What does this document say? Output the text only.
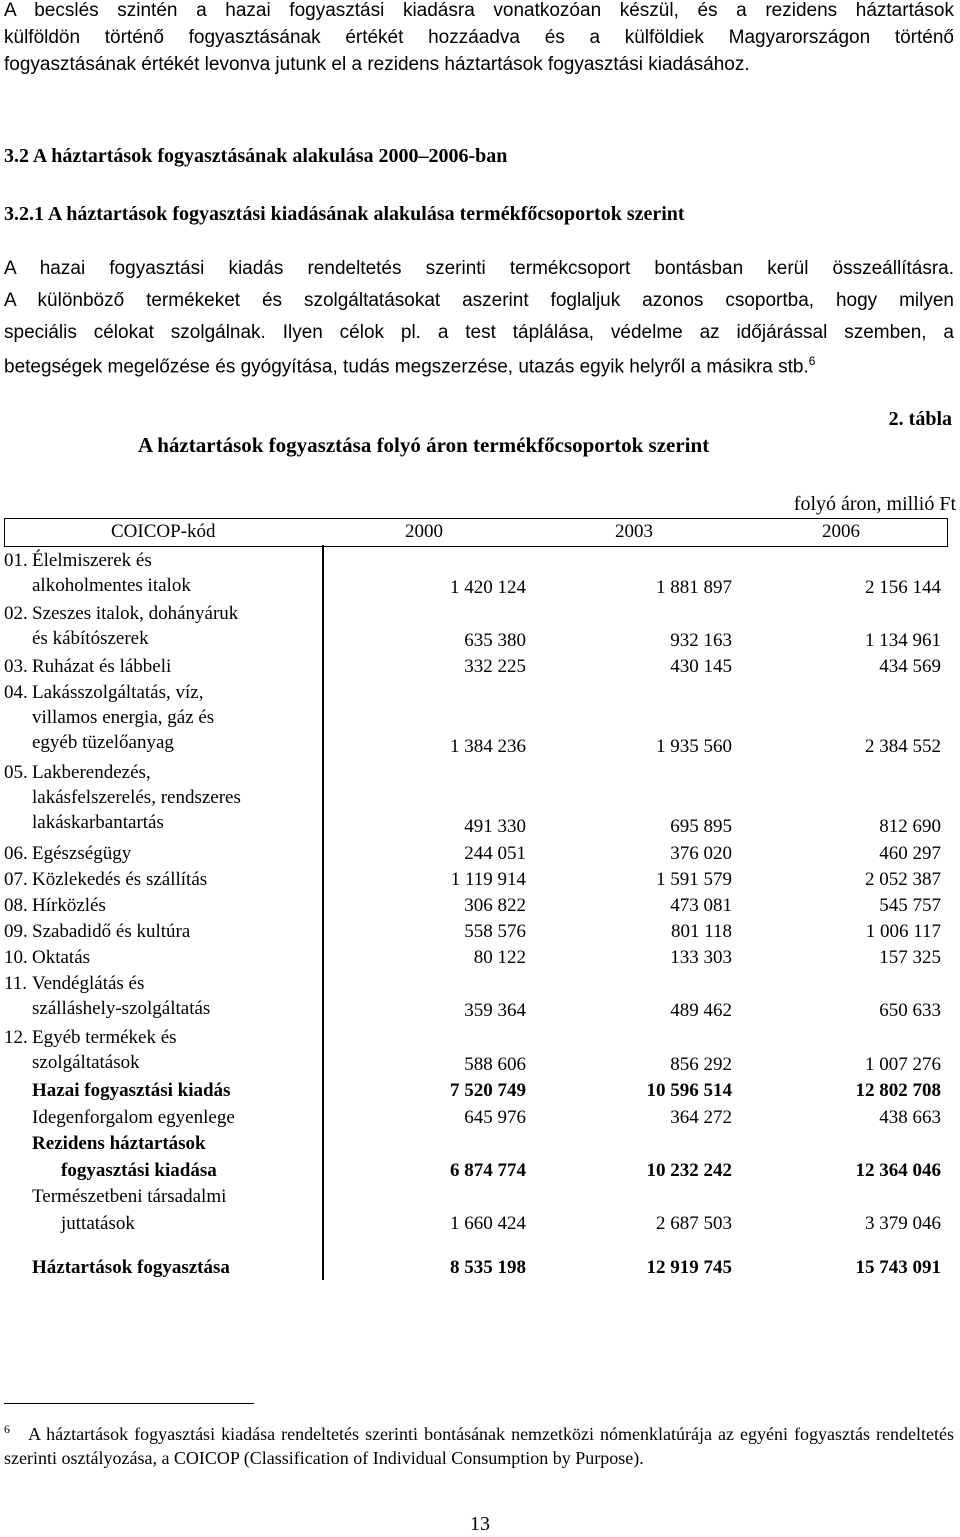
A becslés szintén a hazai fogyasztási kiadásra vonatkozóan készül, és a rezidens háztartások
külföldön történő fogyasztásának értékét hozzáadva és a külföldiek Magyarországon történő
fogyasztásának értékét levonva jutunk el a rezidens háztartások fogyasztási kiadásához.
3.2 A háztartások fogyasztásának alakulása 2000–2006-ban
3.2.1 A háztartások fogyasztási kiadásának alakulása termékfőcsoportok szerint
A hazai fogyasztási kiadás rendeltetés szerinti termékcsoport bontásban kerül összeállításra.
A különböző termékeket és szolgáltatásokat aszerint foglaljuk azonos csoportba, hogy milyen
speciális célokat szolgálnak. Ilyen célok pl. a test táplálása, védelme az időjárással szemben, a
betegségek megelőzése és gyógyítása, tudás megszerzése, utazás egyik helyről a másikra stb.$^6$
2. tábla
A háztartások fogyasztása folyó áron termékfőcsoportok szerint
folyó áron, millió Ft
COICOP-kód	2000	2003	2006
01. Élelmiszerek és
alkoholmentes italok	1 420 124	1 881 897	2 156 144
02. Szeszes italok, dohányáruk
és kábítószerek	635 380	932 163	1 134 961
03. Ruházat és lábbeli	332 225	430 145	434 569
04. Lakásszolgáltatás, víz,
villamos energia, gáz és
egyéb tüzelőanyag	1 384 236	1 935 560	2 384 552
05. Lakberendezés,
lakásfelszerelés, rendszeres
lakáskarbantartás	491 330	695 895	812 690
06. Egészségügy	244 051	376 020	460 297
07. Közlekedés és szállítás	1 119 914	1 591 579	2 052 387
08. Hírközlés	306 822	473 081	545 757
09. Szabadidő és kultúra	558 576	801 118	1 006 117
10. Oktatás	80 122	133 303	157 325
11. Vendéglátás és
szálláshely-szolgáltatás	359 364	489 462	650 633
12. Egyéb termékek és
szolgáltatások	588 606	856 292	1 007 276
Hazai fogyasztási kiadás	7 520 749	10 596 514	12 802 708
Idegenforgalom egyenlege	645 976	364 272	438 663
Rezidens háztartások
fogyasztási kiadása	6 874 774	10 232 242	12 364 046
Természetbeni társadalmi
juttatások	1 660 424	2 687 503	3 379 046
Háztartások fogyasztása	8 535 198	12 919 745	15 743 091
$^6$ A háztartások fogyasztási kiadása rendeltetés szerinti bontásának nemzetközi nómenklatúrája az egyéni fogyasztás rendeltetés szerinti osztályozása, a COICOP (Classification of Individual Consumption by Purpose).
13
